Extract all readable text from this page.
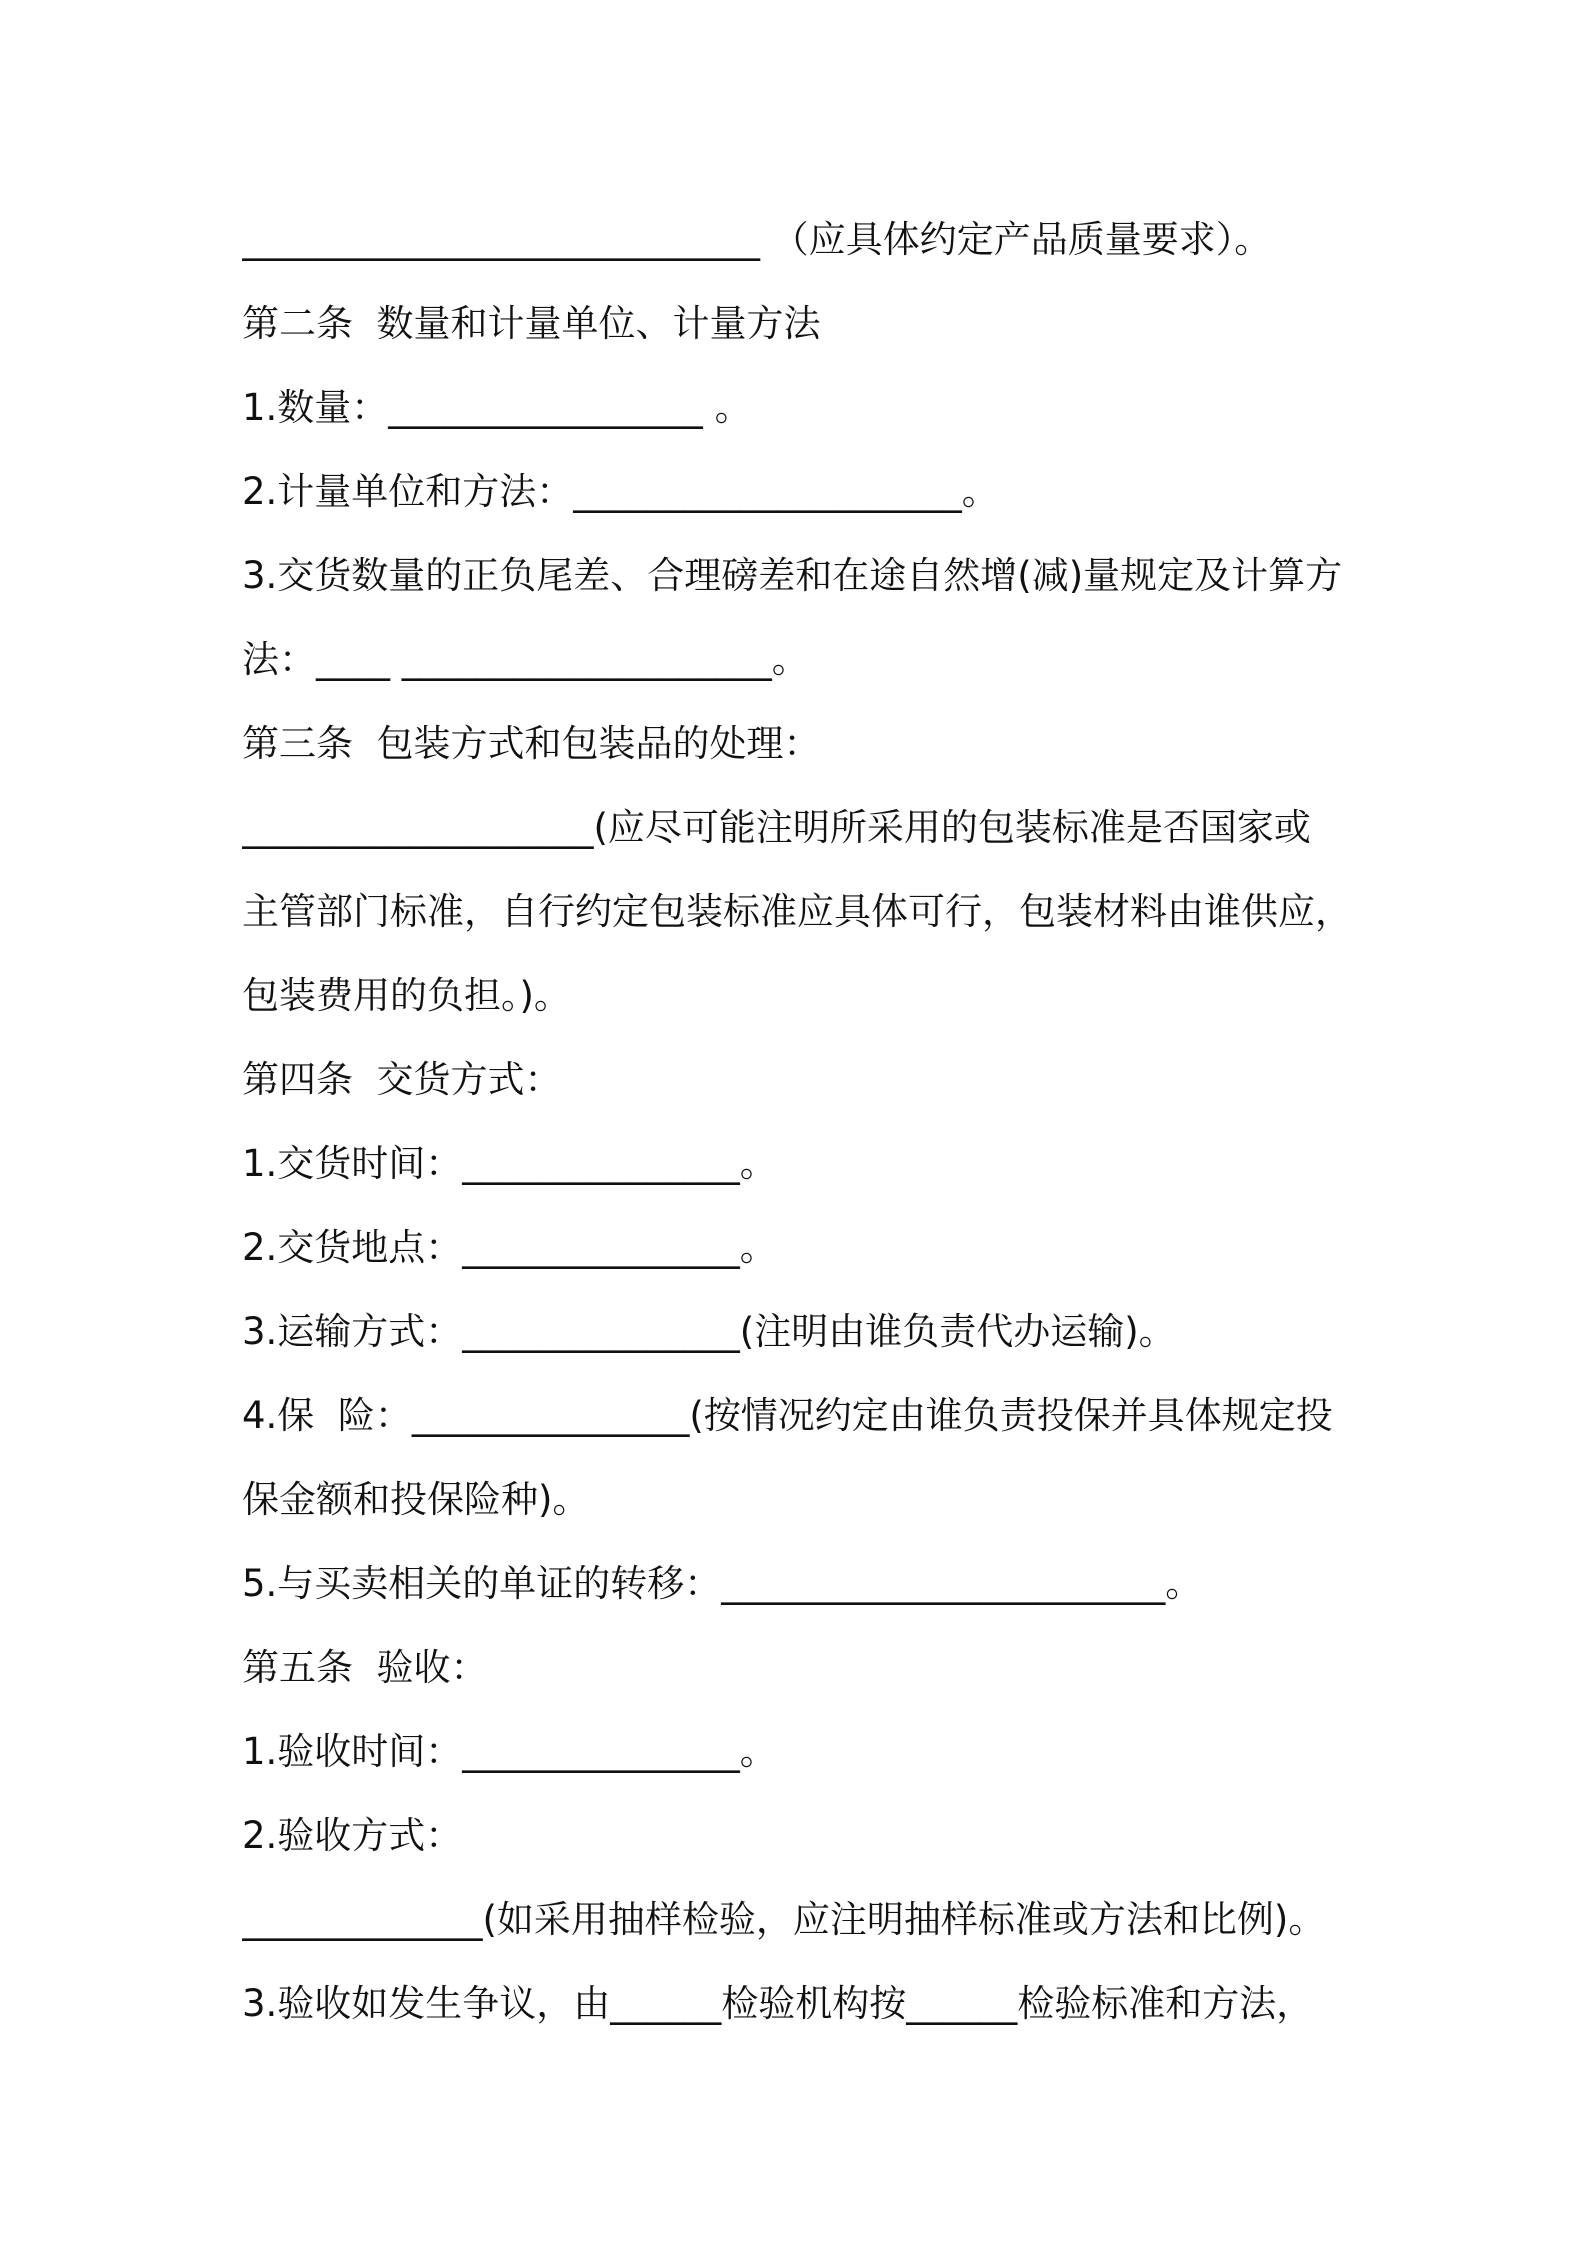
____________________________ （应具体约定产品质量要求）。
第二条  数量和计量单位、计量方法
1.数量：_________________ 。
2.计量单位和方法：_____________________。
3.交货数量的正负尾差、合理磅差和在途自然增(减)量规定及计算方
法：____ ____________________。
第三条  包装方式和包装品的处理：
___________________(应尽可能注明所采用的包装标准是否国家或
主管部门标准，自行约定包装标准应具体可行，包装材料由谁供应，
包装费用的负担。)。
第四条  交货方式：
1.交货时间：_______________。
2.交货地点：_______________。
3.运输方式：_______________(注明由谁负责代办运输)。
4.保  险：_______________(按情况约定由谁负责投保并具体规定投
保金额和投保险种)。
5.与买卖相关的单证的转移：________________________。
第五条  验收：
1.验收时间：_______________。
2.验收方式：
_____________(如采用抽样检验，应注明抽样标准或方法和比例)。
3.验收如发生争议，由______检验机构按______检验标准和方法，
